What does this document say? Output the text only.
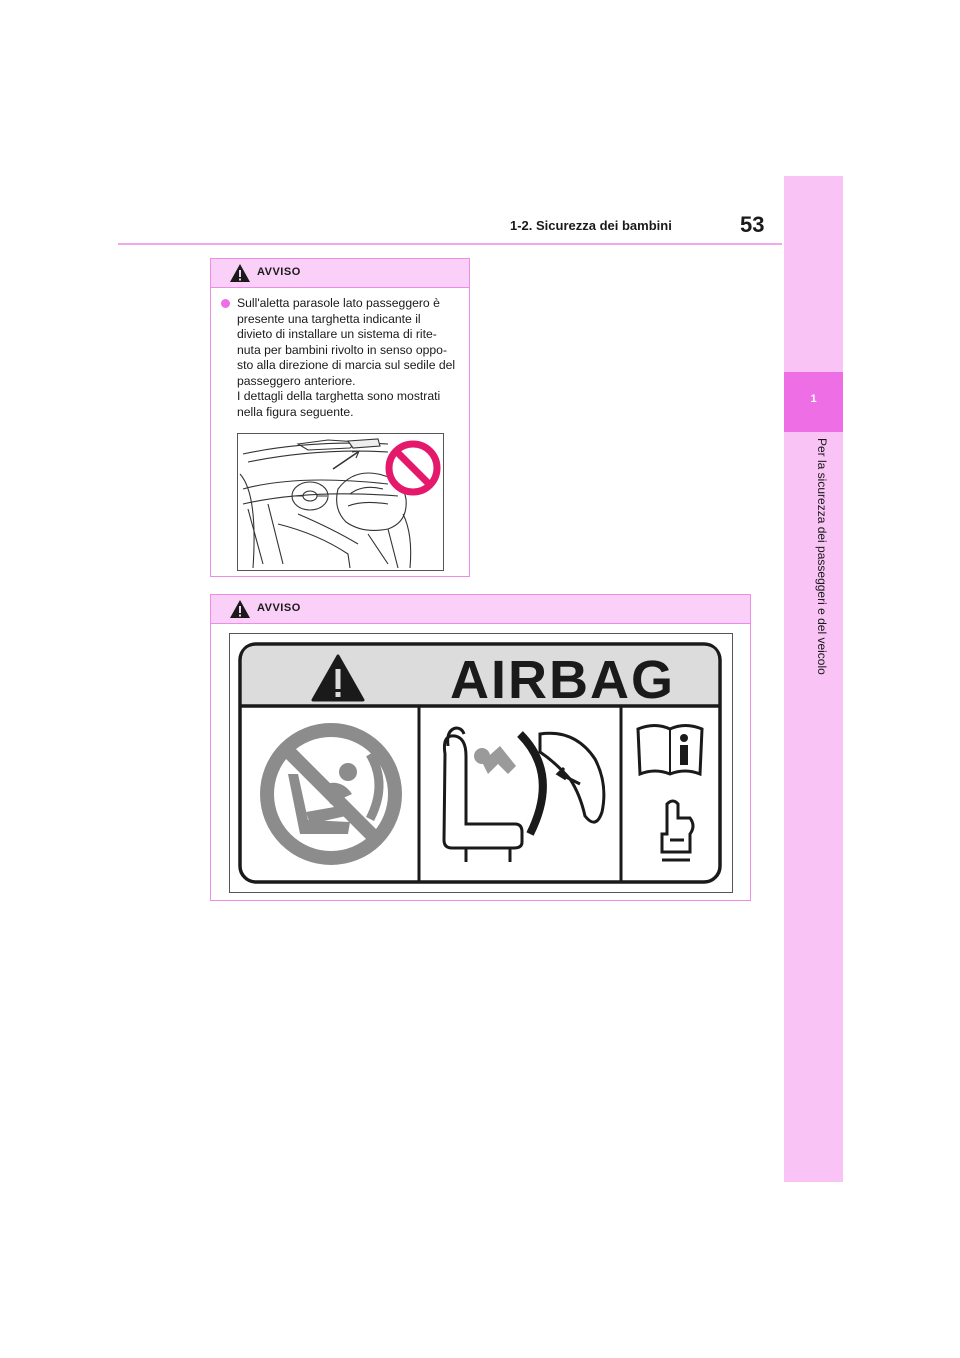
1-2. Sicurezza dei bambini	53
1
Per la sicurezza dei passeggeri e del veicolo
AVVISO
Sull'aletta parasole lato passeggero è
presente una targhetta indicante il
divieto di installare un sistema di rite-
nuta per bambini rivolto in senso oppo-
sto alla direzione di marcia sul sedile del
passeggero anteriore.
I dettagli della targhetta sono mostrati
nella figura seguente.
AVVISO
AIRBAG
